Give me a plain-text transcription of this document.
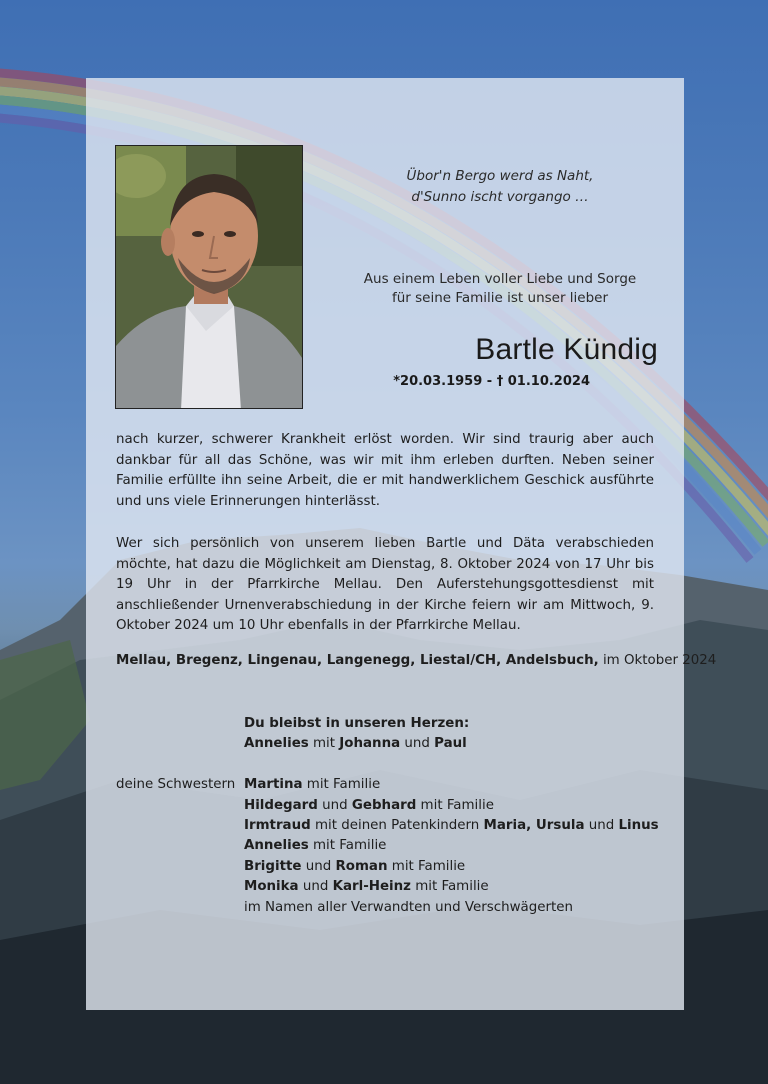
Übor'n Bergo werd as Naht,
d'Sunno ischt vorgango …
Aus einem Leben voller Liebe und Sorge
für seine Familie ist unser lieber
Bartle Kündig
*20.03.1959 - † 01.10.2024
nach kurzer, schwerer Krankheit erlöst worden. Wir sind traurig aber auch dankbar für all das Schöne, was wir mit ihm erleben durften. Neben seiner Familie erfüllte ihn seine Arbeit, die er mit handwerklichem Geschick ausführte und uns viele Erinnerungen hinterlässt.
Wer sich persönlich von unserem lieben Bartle und Däta verabschieden möchte, hat dazu die Möglichkeit am Dienstag, 8. Oktober 2024 von 17 Uhr bis 19 Uhr in der Pfarrkirche Mellau. Den Auferstehungsgottesdienst mit anschließender Urnenverabschiedung in der Kirche feiern wir am Mittwoch, 9. Oktober 2024 um 10 Uhr ebenfalls in der Pfarrkirche Mellau.
Mellau, Bregenz, Lingenau, Langenegg, Liestal/CH, Andelsbuch, im Oktober 2024
Du bleibst in unseren Herzen:
Annelies mit Johanna und Paul
deine Schwestern Martina mit Familie
Hildegard und Gebhard mit Familie
Irmtraud mit deinen Patenkindern Maria, Ursula und Linus
Annelies mit Familie
Brigitte und Roman mit Familie
Monika und Karl-Heinz mit Familie
im Namen aller Verwandten und Verschwägerten
